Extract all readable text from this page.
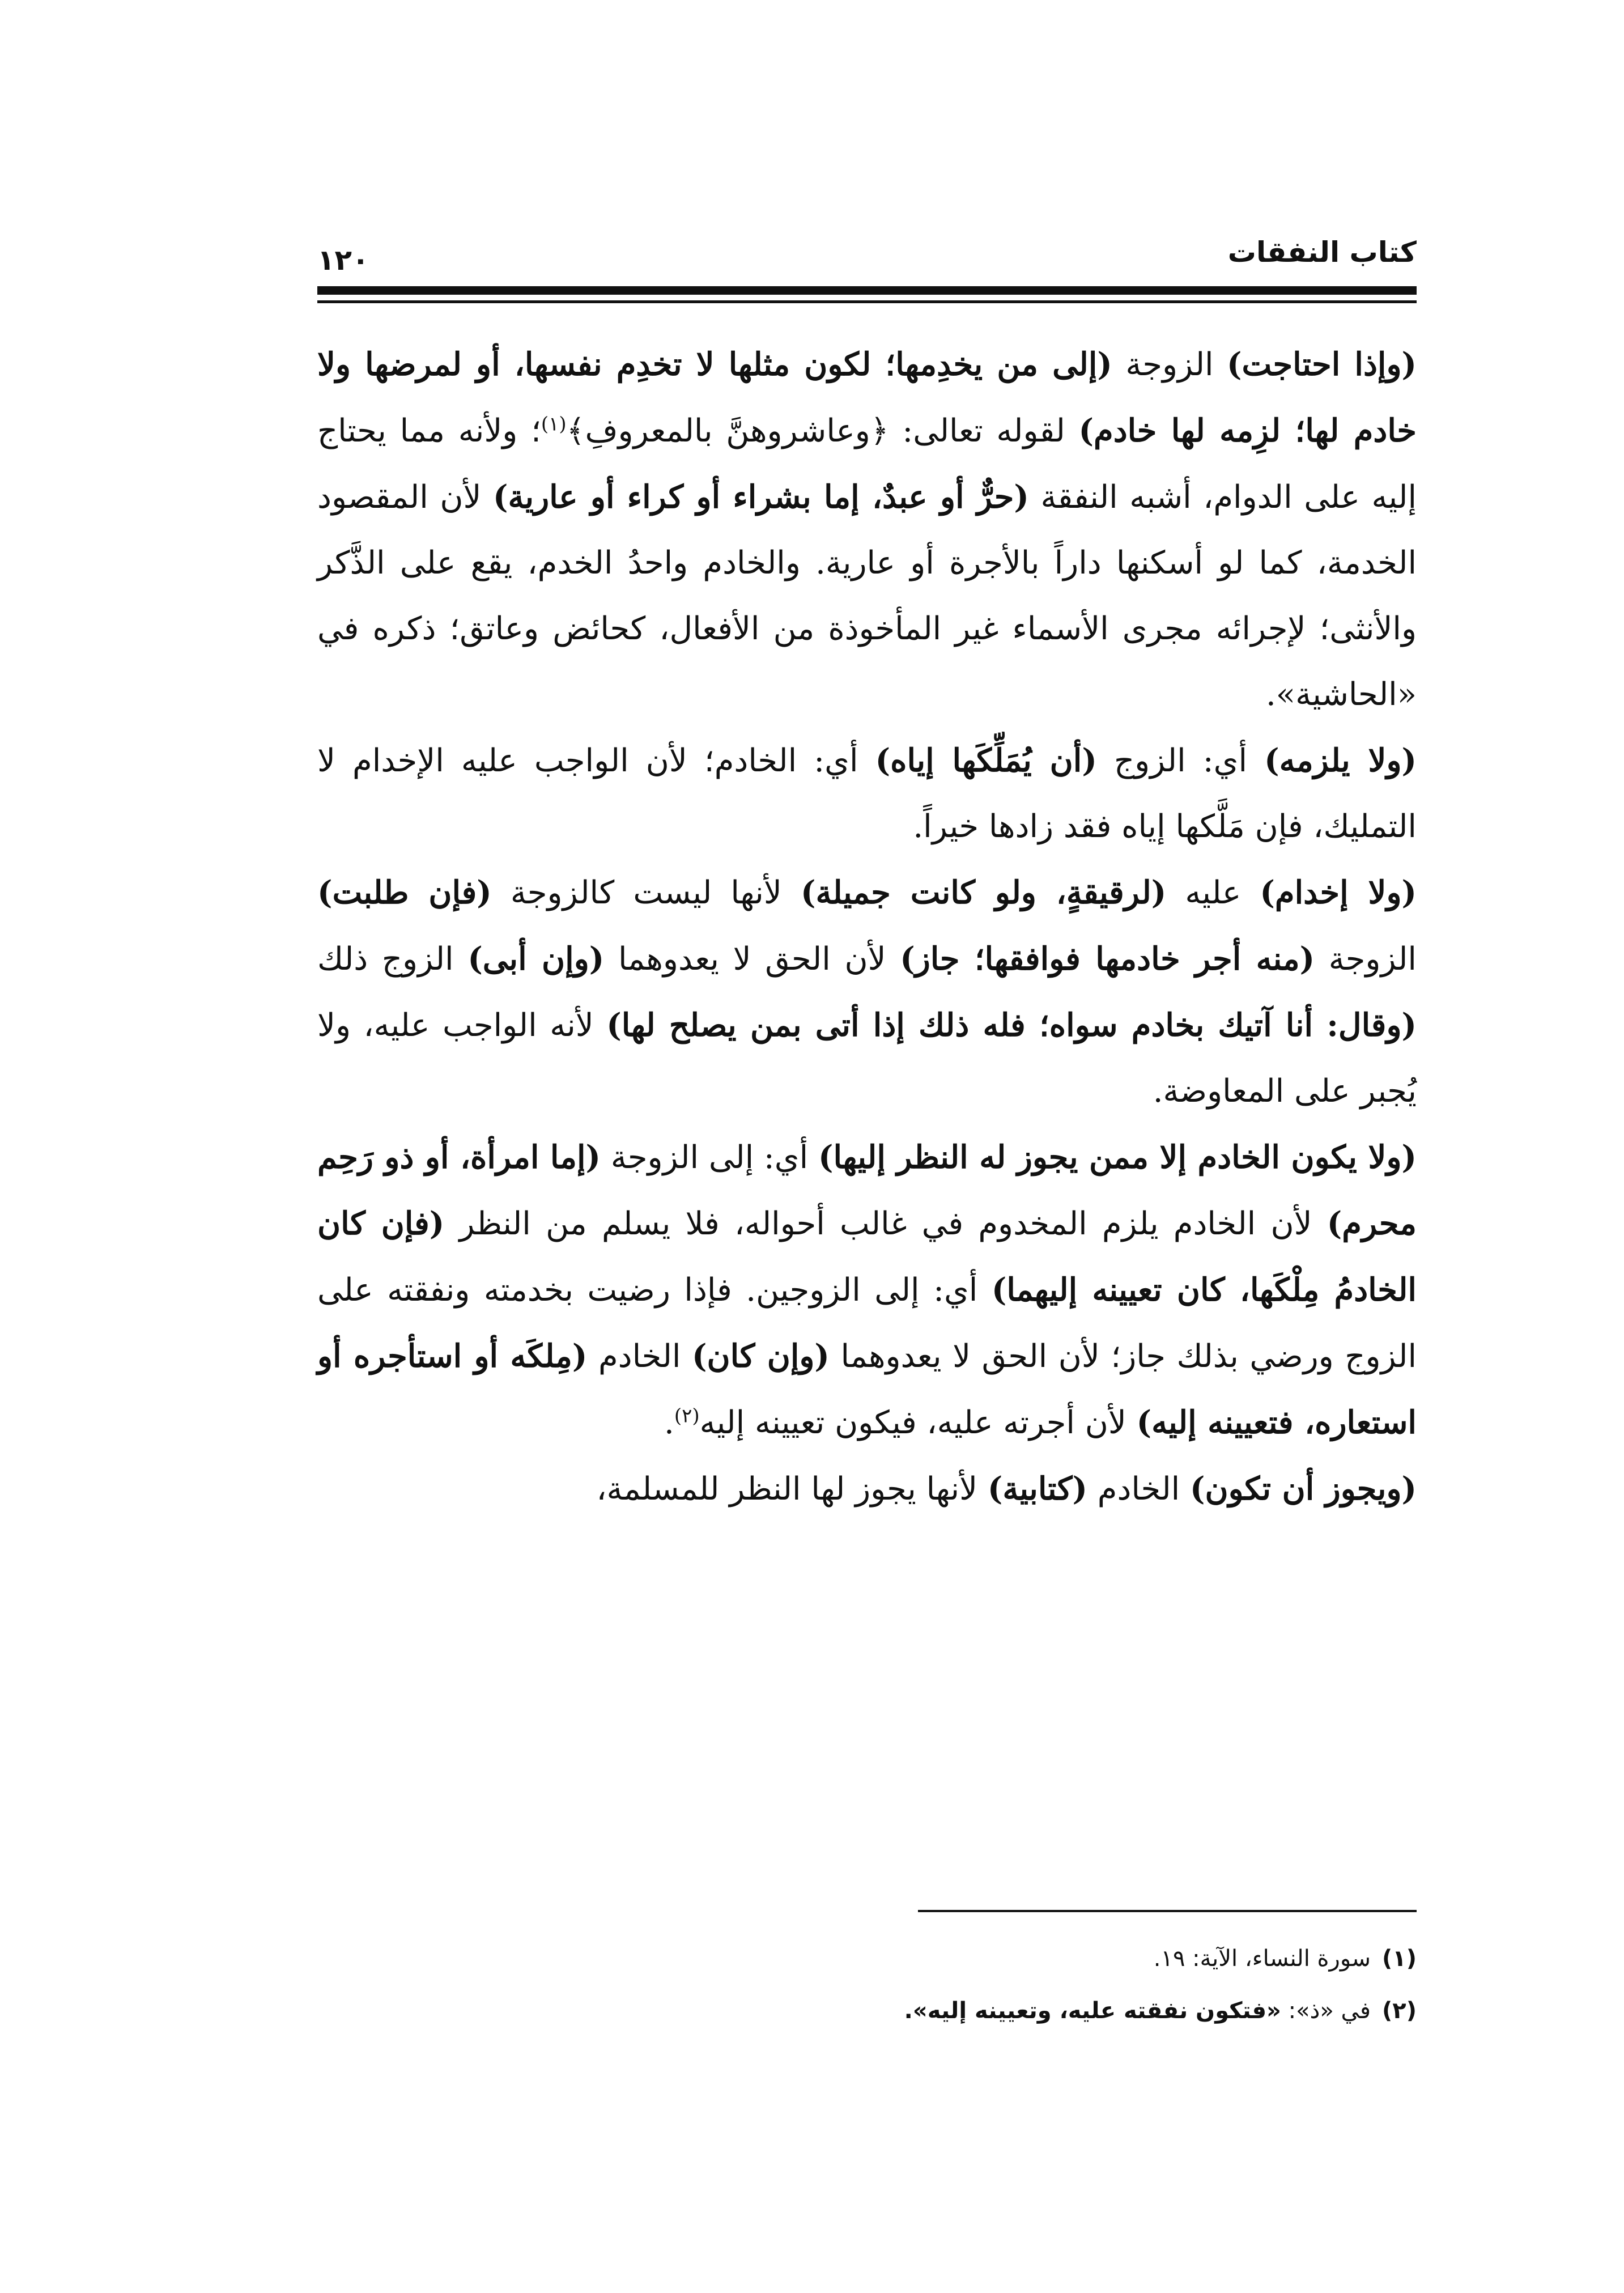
كتاب النفقات
١٢٠

(وإذا احتاجت) الزوجة (إلى من يخدِمها؛ لكون مثلها لا تخدِم نفسها، أو لمرضها ولا خادم لها؛ لزِمه لها خادم) لقوله تعالى: ﴿وعاشروهنَّ بالمعروفِ﴾$^{(١)}$؛ ولأنه مما يحتاج إليه على الدوام، أشبه النفقة (حرٌّ أو عبدٌ، إما بشراء أو كراء أو عارية) لأن المقصود الخدمة، كما لو أسكنها داراً بالأجرة أو عارية. والخادم واحدُ الخدم، يقع على الذَّكر والأنثى؛ لإجرائه مجرى الأسماء غير المأخوذة من الأفعال، كحائض وعاتق؛ ذكره في «الحاشية».

(ولا يلزمه) أي: الزوج (أن يُمَلِّكَها إياه) أي: الخادم؛ لأن الواجب عليه الإخدام لا التمليك، فإن مَلَّكها إياه فقد زادها خيراً.

(ولا إخدام) عليه (لرقيقةٍ، ولو كانت جميلة) لأنها ليست كالزوجة (فإن طلبت) الزوجة (منه أجر خادمها فوافقها؛ جاز) لأن الحق لا يعدوهما (وإن أبى) الزوج ذلك (وقال: أنا آتيك بخادم سواه؛ فله ذلك إذا أتى بمن يصلح لها) لأنه الواجب عليه، ولا يُجبر على المعاوضة.

(ولا يكون الخادم إلا ممن يجوز له النظر إليها) أي: إلى الزوجة (إما امرأة، أو ذو رَحِم محرم) لأن الخادم يلزم المخدوم في غالب أحواله، فلا يسلم من النظر (فإن كان الخادمُ مِلْكَها، كان تعيينه إليهما) أي: إلى الزوجين. فإذا رضيت بخدمته ونفقته على الزوج ورضي بذلك جاز؛ لأن الحق لا يعدوهما (وإن كان) الخادم (مِلكَه أو استأجره أو استعاره، فتعيينه إليه) لأن أجرته عليه، فيكون تعيينه إليه$^{(٢)}$.

(ويجوز أن تكون) الخادم (كتابية) لأنها يجوز لها النظر للمسلمة،

(١)سورة النساء، الآية: ١٩.

(٢)في «ذ»: «فتكون نفقته عليه، وتعيينه إليه».
